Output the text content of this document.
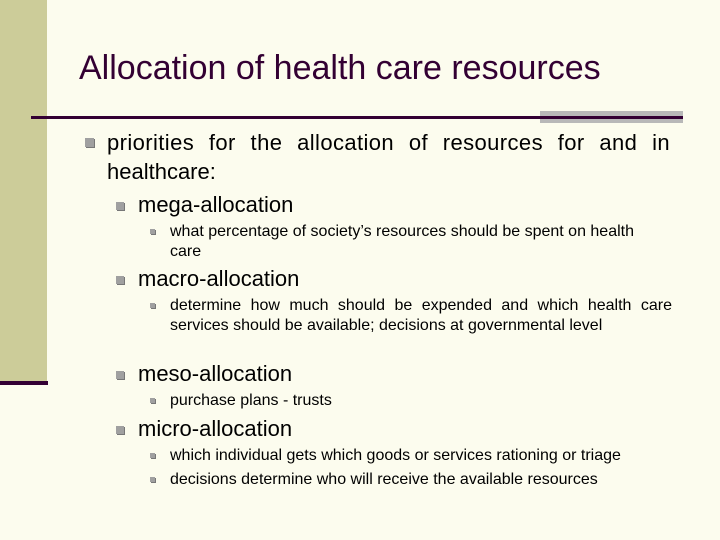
Allocation of health care resources
priorities for the allocation of resources for and in
healthcare:
mega-allocation
what percentage of society’s resources should be spent on health care
macro-allocation
determine how much should be expended and which health care services should be available; decisions at governmental level
meso-allocation
purchase plans - trusts
micro-allocation
which individual gets which goods or services rationing or triage
decisions determine who will receive the available resources
